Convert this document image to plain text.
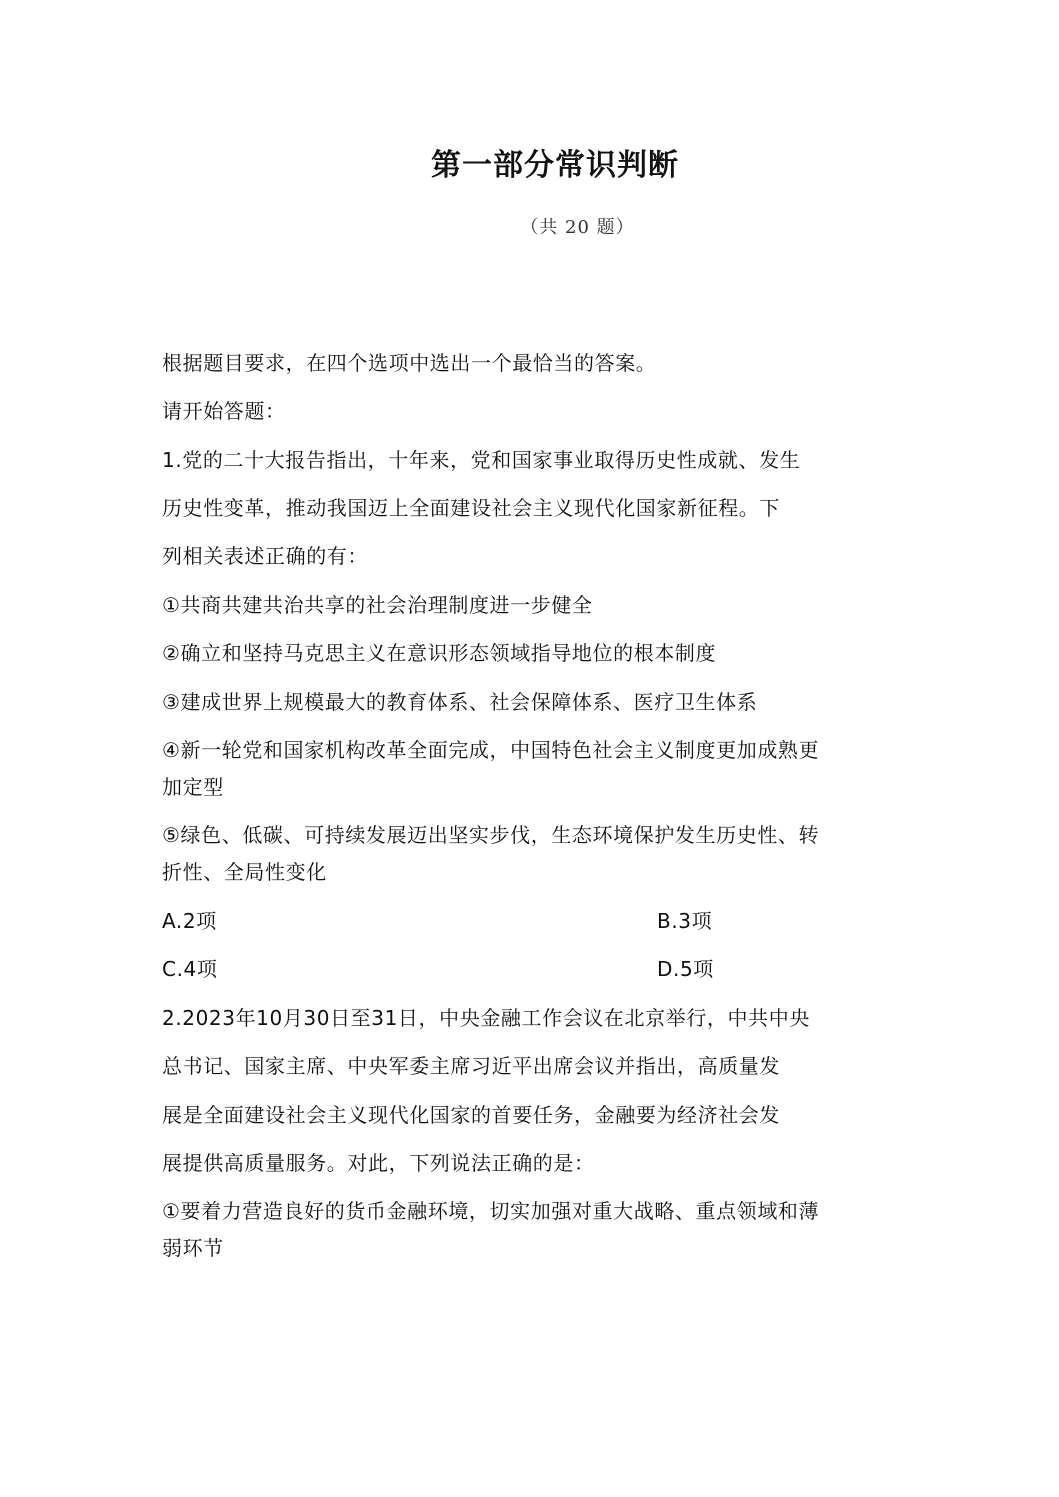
第一部分常识判断
（共 20 题）
根据题目要求，在四个选项中选出一个最恰当的答案。
请开始答题：
1.党的二十大报告指出，十年来，党和国家事业取得历史性成就、发生
历史性变革，推动我国迈上全面建设社会主义现代化国家新征程。下
列相关表述正确的有：
①共商共建共治共享的社会治理制度进一步健全
②确立和坚持马克思主义在意识形态领域指导地位的根本制度
③建成世界上规模最大的教育体系、社会保障体系、医疗卫生体系
④新一轮党和国家机构改革全面完成，中国特色社会主义制度更加成熟更
加定型
⑤绿色、低碳、可持续发展迈出坚实步伐，生态环境保护发生历史性、转
折性、全局性变化
A.2项	B.3项
C.4项	D.5项
2.2023年10月30日至31日，中央金融工作会议在北京举行，中共中央
总书记、国家主席、中央军委主席习近平出席会议并指出，高质量发
展是全面建设社会主义现代化国家的首要任务，金融要为经济社会发
展提供高质量服务。对此，下列说法正确的是：
①要着力营造良好的货币金融环境，切实加强对重大战略、重点领域和薄
弱环节
